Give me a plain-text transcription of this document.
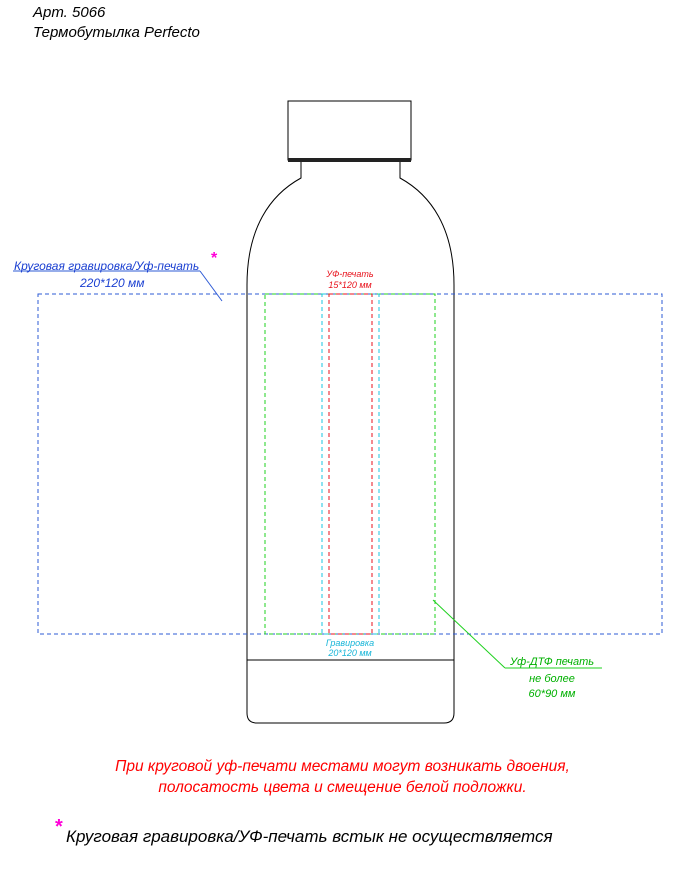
Арт. 5066
Термобутылка Perfecto
Круговая гравировка/Уф-печать *
220*120 мм
УФ-печать
15*120 мм
Гравировка
20*120 мм
Уф-ДТФ печать
не более
60*90 мм
При круговой уф-печати местами могут возникать двоения,
полосатость цвета и смещение белой подложки.
* Круговая гравировка/УФ-печать встык не осуществляется
